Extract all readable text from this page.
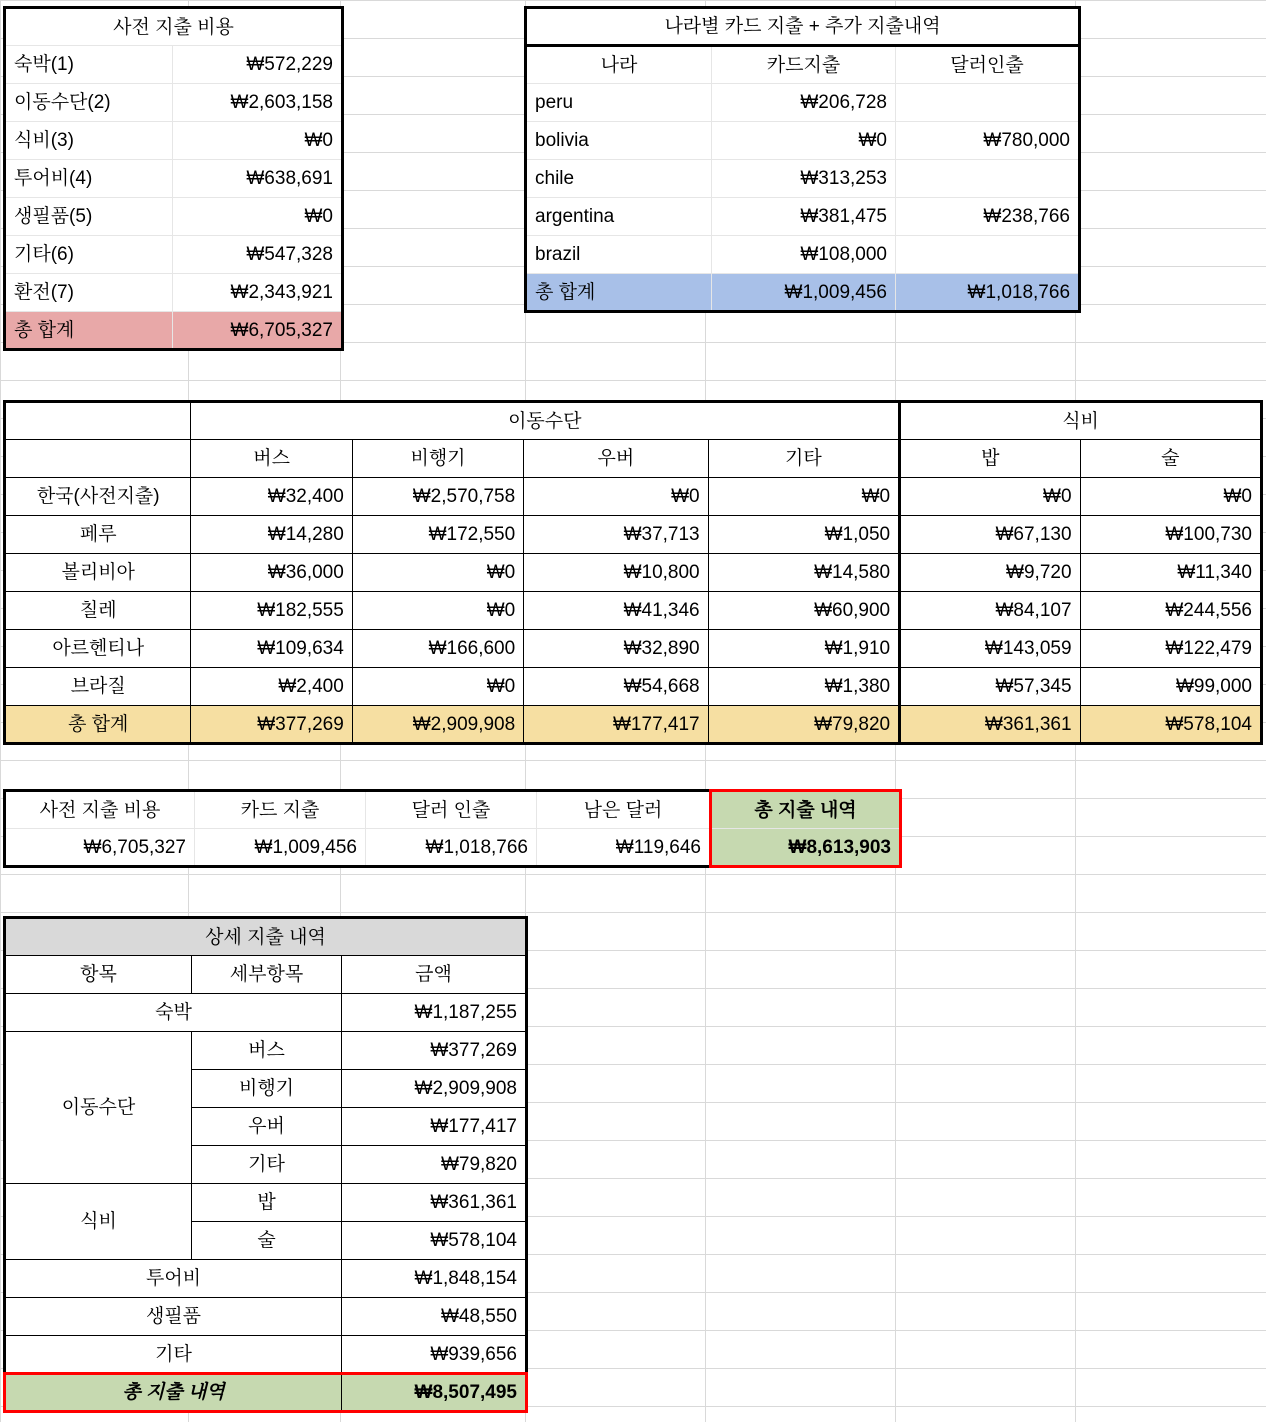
사전 지출 비용	
숙박(1)	₩572,229
이동수단(2)	₩2,603,158
식비(3)	₩0
투어비(4)	₩638,691
생필품(5)	₩0
기타(6)	₩547,328
환전(7)	₩2,343,921
총 합계	₩6,705,327
나라별 카드 지출 + 추가 지출내역		
나라	카드지출	달러인출
peru	₩206,728	
bolivia	₩0	₩780,000
chile	₩313,253	
argentina	₩381,475	₩238,766
brazil	₩108,000	
총 합계	₩1,009,456	₩1,018,766
	이동수단				식비	
	버스	비행기	우버	기타	밥	술
한국(사전지출)	₩32,400	₩2,570,758	₩0	₩0	₩0	₩0
페루	₩14,280	₩172,550	₩37,713	₩1,050	₩67,130	₩100,730
볼리비아	₩36,000	₩0	₩10,800	₩14,580	₩9,720	₩11,340
칠레	₩182,555	₩0	₩41,346	₩60,900	₩84,107	₩244,556
아르헨티나	₩109,634	₩166,600	₩32,890	₩1,910	₩143,059	₩122,479
브라질	₩2,400	₩0	₩54,668	₩1,380	₩57,345	₩99,000
총 합계	₩377,269	₩2,909,908	₩177,417	₩79,820	₩361,361	₩578,104
사전 지출 비용	카드 지출	달러 인출	남은 달러	총 지출 내역
₩6,705,327	₩1,009,456	₩1,018,766	₩119,646	₩8,613,903
상세 지출 내역		
항목	세부항목	금액
숙박		₩1,187,255
이동수단	버스	₩377,269
	비행기	₩2,909,908
	우버	₩177,417
	기타	₩79,820
식비	밥	₩361,361
	술	₩578,104
투어비		₩1,848,154
생필품		₩48,550
기타		₩939,656
총 지출 내역		₩8,507,495
